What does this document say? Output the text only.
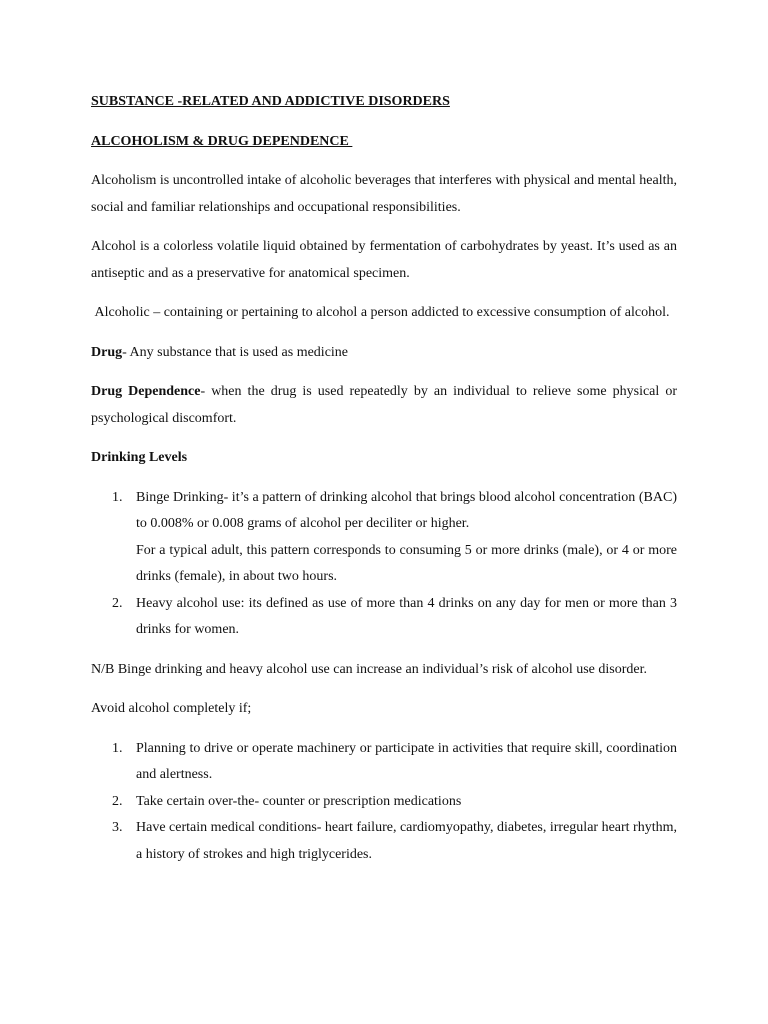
SUBSTANCE -RELATED AND ADDICTIVE DISORDERS
ALCOHOLISM & DRUG DEPENDENCE

Alcoholism is uncontrolled intake of alcoholic beverages that interferes with physical and mental health, social and familiar relationships and occupational responsibilities.

Alcohol is a colorless volatile liquid obtained by fermentation of carbohydrates by yeast. It’s used as an antiseptic and as a preservative for anatomical specimen.

Alcoholic – containing or pertaining to alcohol a person addicted to excessive consumption of alcohol.

Drug- Any substance that is used as medicine

Drug Dependence- when the drug is used repeatedly by an individual to relieve some physical or psychological discomfort.

Drinking Levels
1. Binge Drinking- it’s a pattern of drinking alcohol that brings blood alcohol concentration (BAC) to 0.008% or 0.008 grams of alcohol per deciliter or higher.
For a typical adult, this pattern corresponds to consuming 5 or more drinks (male), or 4 or more drinks (female), in about two hours.
2. Heavy alcohol use: its defined as use of more than 4 drinks on any day for men or more than 3 drinks for women.

N/B Binge drinking and heavy alcohol use can increase an individual’s risk of alcohol use disorder.

Avoid alcohol completely if;

1. Planning to drive or operate machinery or participate in activities that require skill, coordination and alertness.
2. Take certain over-the- counter or prescription medications
3. Have certain medical conditions- heart failure, cardiomyopathy, diabetes, irregular heart rhythm, a history of strokes and high triglycerides.
